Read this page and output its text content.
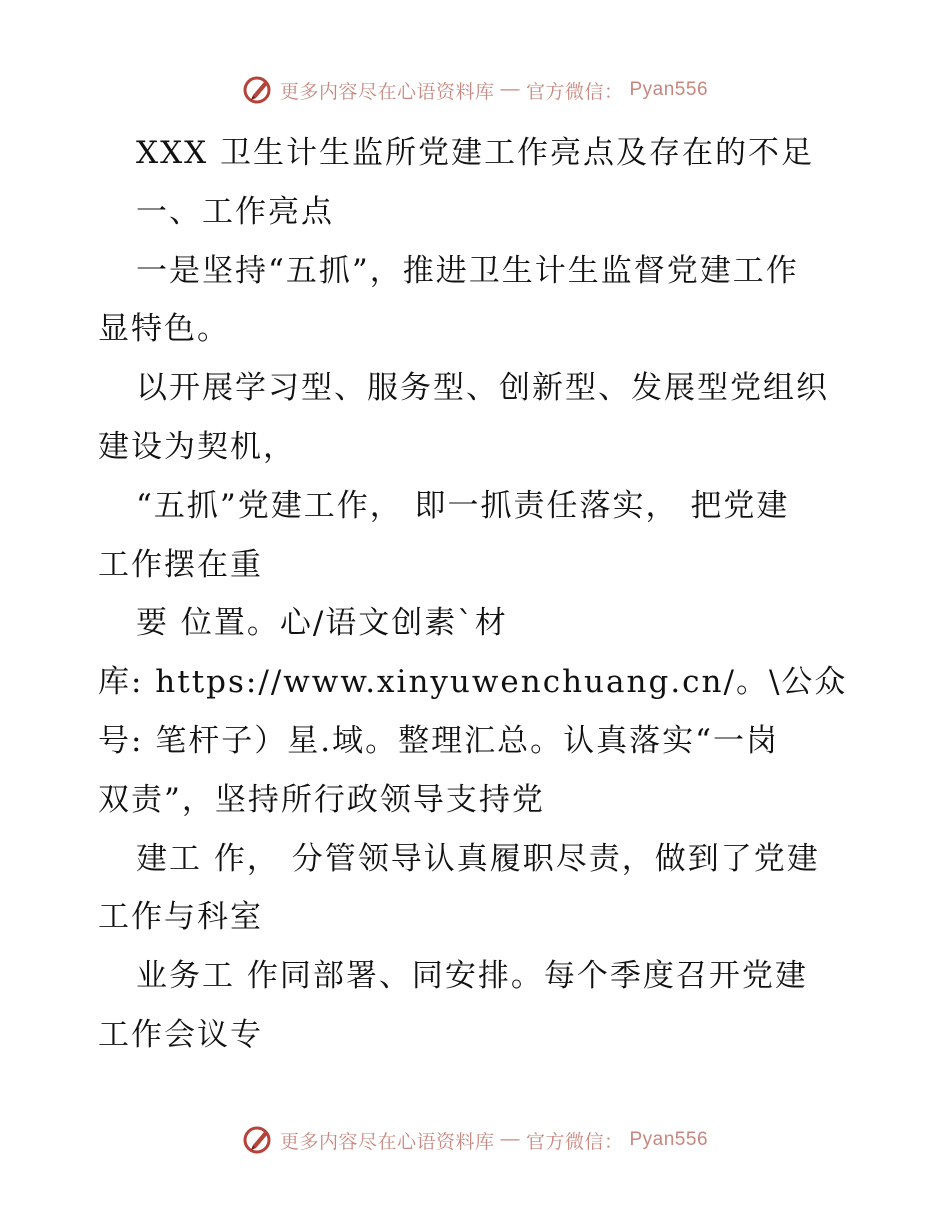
更多内容尽在心语资料库 — 官方微信： Pyan556
XXX 卫生计生监所党建工作亮点及存在的不足
一、工作亮点
一是坚持“五抓”，推进卫生计生监督党建工作
显特色。
以开展学习型、服务型、创新型、发展型党组织
建设为契机，
“五抓”党建工作， 即一抓责任落实， 把党建
工作摆在重
要 位置。心/语文创素`材
库: https://www.xinyuwenchuang.cn/。\公众
号: 笔杆子）星.域。整理汇总。认真落实“一岗
双责”，坚持所行政领导支持党
建工 作， 分管领导认真履职尽责，做到了党建
工作与科室
业务工 作同部署、同安排。每个季度召开党建
工作会议专
更多内容尽在心语资料库 — 官方微信： Pyan556
